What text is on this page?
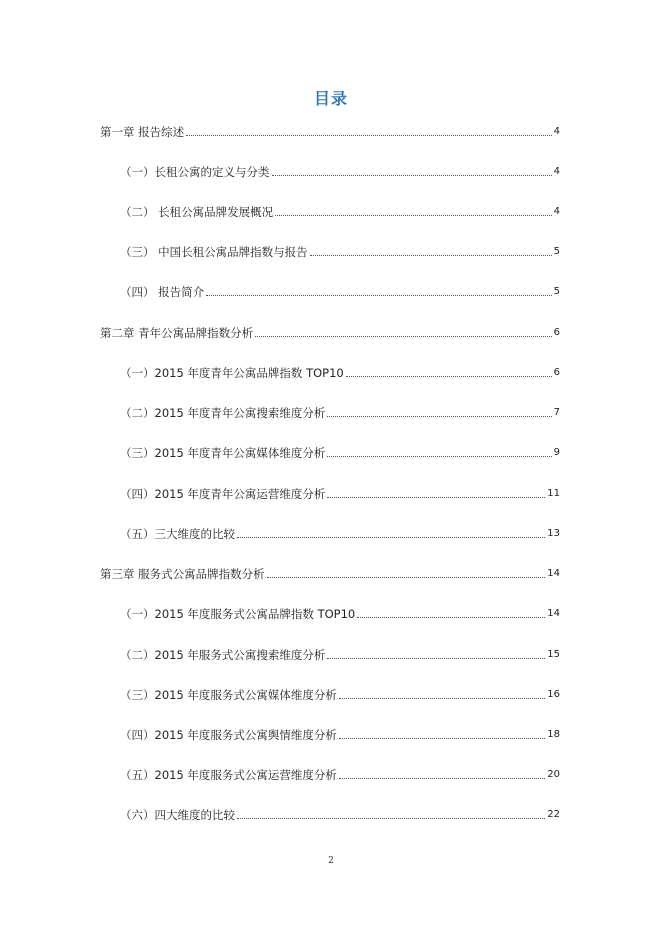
目录
第一章 报告综述	4
（一）长租公寓的定义与分类	4
（二） 长租公寓品牌发展概况	4
（三） 中国长租公寓品牌指数与报告	5
（四） 报告简介	5
第二章 青年公寓品牌指数分析	6
（一）2015 年度青年公寓品牌指数 TOP10	6
（二）2015 年度青年公寓搜索维度分析	7
（三）2015 年度青年公寓媒体维度分析	9
（四）2015 年度青年公寓运营维度分析	11
（五）三大维度的比较	13
第三章 服务式公寓品牌指数分析	14
（一）2015 年度服务式公寓品牌指数 TOP10	14
（二）2015 年服务式公寓搜索维度分析	15
（三）2015 年度服务式公寓媒体维度分析	16
（四）2015 年度服务式公寓舆情维度分析	18
（五）2015 年度服务式公寓运营维度分析	20
（六）四大维度的比较	22
2
